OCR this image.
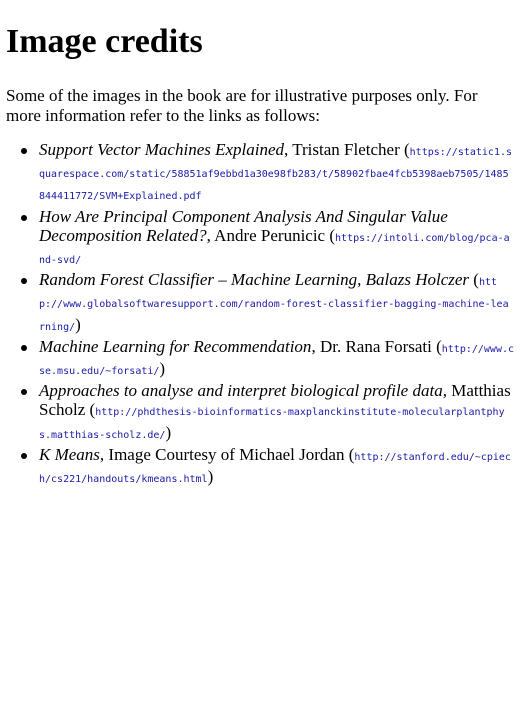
Image credits

Some of the images in the book are for illustrative purposes only. For more information refer to the links as follows:

Support Vector Machines Explained, Tristan Fletcher (https://static1.squarespace.com/static/58851af9ebbd1a30e98fb283/t/58902fbae4fcb5398aeb7505/1485844411772/SVM+Explained.pdf
How Are Principal Component Analysis And Singular Value Decomposition Related?, Andre Perunicic (https://intoli.com/blog/pca-and-svd/
Random Forest Classifier – Machine Learning, Balazs Holczer (http://www.globalsoftwaresupport.com/random-forest-classifier-bagging-machine-learning/)
Machine Learning for Recommendation, Dr. Rana Forsati (http://www.cse.msu.edu/~forsati/)
Approaches to analyse and interpret biological profile data, Matthias Scholz (http://phdthesis-bioinformatics-maxplanckinstitute-molecularplantphys.matthias-scholz.de/)
K Means, Image Courtesy of Michael Jordan (http://stanford.edu/~cpiech/cs221/handouts/kmeans.html)
